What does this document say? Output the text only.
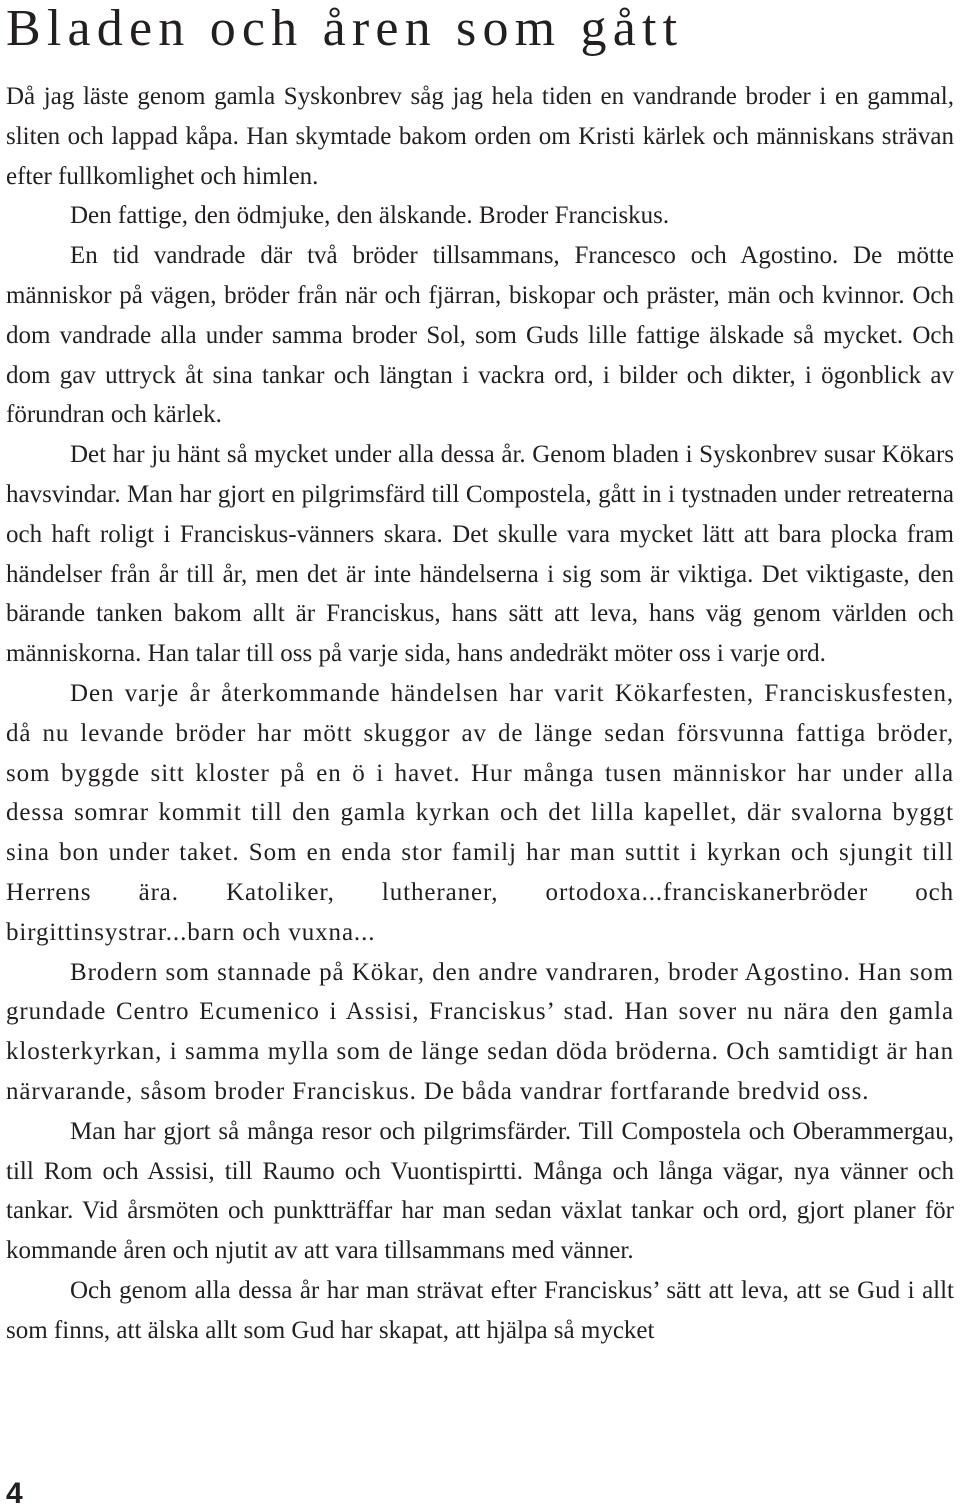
Bladen och åren som gått

Då jag läste genom gamla Syskonbrev såg jag hela tiden en vandrande broder i en gammal, sliten och lappad kåpa. Han skymtade bakom orden om Kristi kärlek och människans strävan efter fullkomlighet och himlen.

Den fattige, den ödmjuke, den älskande. Broder Franciskus.

En tid vandrade där två bröder tillsammans, Francesco och Agostino. De mötte människor på vägen, bröder från när och fjärran, biskopar och präster, män och kvinnor. Och dom vandrade alla under samma broder Sol, som Guds lille fattige älskade så mycket. Och dom gav uttryck åt sina tankar och längtan i vackra ord, i bilder och dikter, i ögonblick av förundran och kärlek.

Det har ju hänt så mycket under alla dessa år. Genom bladen i Syskonbrev susar Kökars havsvindar. Man har gjort en pilgrimsfärd till Compostela, gått in i tystnaden under retreaterna och haft roligt i Franciskus-vänners skara. Det skulle vara mycket lätt att bara plocka fram händelser från år till år, men det är inte händelserna i sig som är viktiga. Det viktigaste, den bärande tanken bakom allt är Franciskus, hans sätt att leva, hans väg genom världen och människorna. Han talar till oss på varje sida, hans andedräkt möter oss i varje ord.

Den varje år återkommande händelsen har varit Kökarfesten, Franciskusfesten, då nu levande bröder har mött skuggor av de länge sedan försvunna fattiga bröder, som byggde sitt kloster på en ö i havet. Hur många tusen människor har under alla dessa somrar kommit till den gamla kyrkan och det lilla kapellet, där svalorna byggt sina bon under taket. Som en enda stor familj har man suttit i kyrkan och sjungit till Herrens ära. Katoliker, lutheraner, ortodoxa...franciskanerbröder och birgittinsystrar...barn och vuxna...

Brodern som stannade på Kökar, den andre vandraren, broder Agostino. Han som grundade Centro Ecumenico i Assisi, Franciskus’ stad. Han sover nu nära den gamla klosterkyrkan, i samma mylla som de länge sedan döda bröderna. Och samtidigt är han närvarande, såsom broder Franciskus. De båda vandrar fortfarande bredvid oss.

Man har gjort så många resor och pilgrimsfärder. Till Compostela och Oberammergau, till Rom och Assisi, till Raumo och Vuontispirtti. Många och långa vägar, nya vänner och tankar. Vid årsmöten och punktträffar har man sedan växlat tankar och ord, gjort planer för kommande åren och njutit av att vara tillsammans med vänner.

Och genom alla dessa år har man strävat efter Franciskus’ sätt att leva, att se Gud i allt som finns, att älska allt som Gud har skapat, att hjälpa så mycket

4
